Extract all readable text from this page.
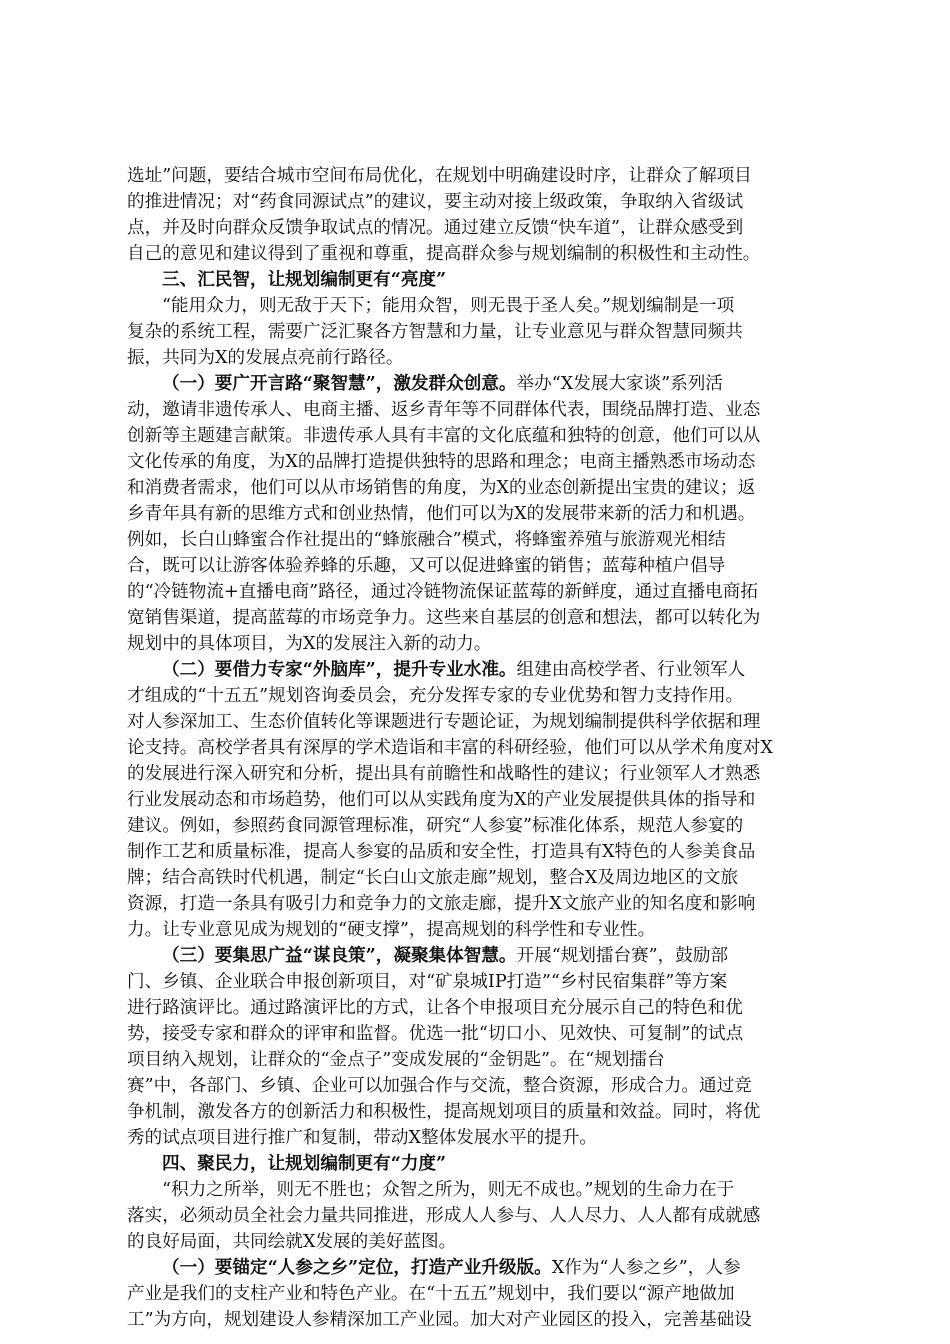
选址”问题，要结合城市空间布局优化，在规划中明确建设时序，让群众了解项目
的推进情况；对“药食同源试点”的建议，要主动对接上级政策，争取纳入省级试
点，并及时向群众反馈争取试点的情况。通过建立反馈“快车道”，让群众感受到
自己的意见和建议得到了重视和尊重，提高群众参与规划编制的积极性和主动性。
三、汇民智，让规划编制更有“亮度”
“能用众力，则无敌于天下；能用众智，则无畏于圣人矣。”规划编制是一项
复杂的系统工程，需要广泛汇聚各方智慧和力量，让专业意见与群众智慧同频共
振，共同为X的发展点亮前行路径。
（一）要广开言路“聚智慧”，激发群众创意。举办“X发展大家谈”系列活
动，邀请非遗传承人、电商主播、返乡青年等不同群体代表，围绕品牌打造、业态
创新等主题建言献策。非遗传承人具有丰富的文化底蕴和独特的创意，他们可以从
文化传承的角度，为X的品牌打造提供独特的思路和理念；电商主播熟悉市场动态
和消费者需求，他们可以从市场销售的角度，为X的业态创新提出宝贵的建议；返
乡青年具有新的思维方式和创业热情，他们可以为X的发展带来新的活力和机遇。
例如，长白山蜂蜜合作社提出的“蜂旅融合”模式，将蜂蜜养殖与旅游观光相结
合，既可以让游客体验养蜂的乐趣，又可以促进蜂蜜的销售；蓝莓种植户倡导
的“冷链物流+直播电商”路径，通过冷链物流保证蓝莓的新鲜度，通过直播电商拓
宽销售渠道，提高蓝莓的市场竞争力。这些来自基层的创意和想法，都可以转化为
规划中的具体项目，为X的发展注入新的动力。
（二）要借力专家“外脑库”，提升专业水准。组建由高校学者、行业领军人
才组成的“十五五”规划咨询委员会，充分发挥专家的专业优势和智力支持作用。
对人参深加工、生态价值转化等课题进行专题论证，为规划编制提供科学依据和理
论支持。高校学者具有深厚的学术造诣和丰富的科研经验，他们可以从学术角度对X
的发展进行深入研究和分析，提出具有前瞻性和战略性的建议；行业领军人才熟悉
行业发展动态和市场趋势，他们可以从实践角度为X的产业发展提供具体的指导和
建议。例如，参照药食同源管理标准，研究“人参宴”标准化体系，规范人参宴的
制作工艺和质量标准，提高人参宴的品质和安全性，打造具有X特色的人参美食品
牌；结合高铁时代机遇，制定“长白山文旅走廊”规划，整合X及周边地区的文旅
资源，打造一条具有吸引力和竞争力的文旅走廊，提升X文旅产业的知名度和影响
力。让专业意见成为规划的“硬支撑”，提高规划的科学性和专业性。
（三）要集思广益“谋良策”，凝聚集体智慧。开展“规划擂台赛”，鼓励部
门、乡镇、企业联合申报创新项目，对“矿泉城IP打造”“乡村民宿集群”等方案
进行路演评比。通过路演评比的方式，让各个申报项目充分展示自己的特色和优
势，接受专家和群众的评审和监督。优选一批“切口小、见效快、可复制”的试点
项目纳入规划，让群众的“金点子”变成发展的“金钥匙”。在“规划擂台
赛”中，各部门、乡镇、企业可以加强合作与交流，整合资源，形成合力。通过竞
争机制，激发各方的创新活力和积极性，提高规划项目的质量和效益。同时，将优
秀的试点项目进行推广和复制，带动X整体发展水平的提升。
四、聚民力，让规划编制更有“力度”
“积力之所举，则无不胜也；众智之所为，则无不成也。”规划的生命力在于
落实，必须动员全社会力量共同推进，形成人人参与、人人尽力、人人都有成就感
的良好局面，共同绘就X发展的美好蓝图。
（一）要锚定“人参之乡”定位，打造产业升级版。X作为“人参之乡”，人参
产业是我们的支柱产业和特色产业。在“十五五”规划中，我们要以“源产地做加
工”为方向，规划建设人参精深加工产业园。加大对产业园区的投入，完善基础设
